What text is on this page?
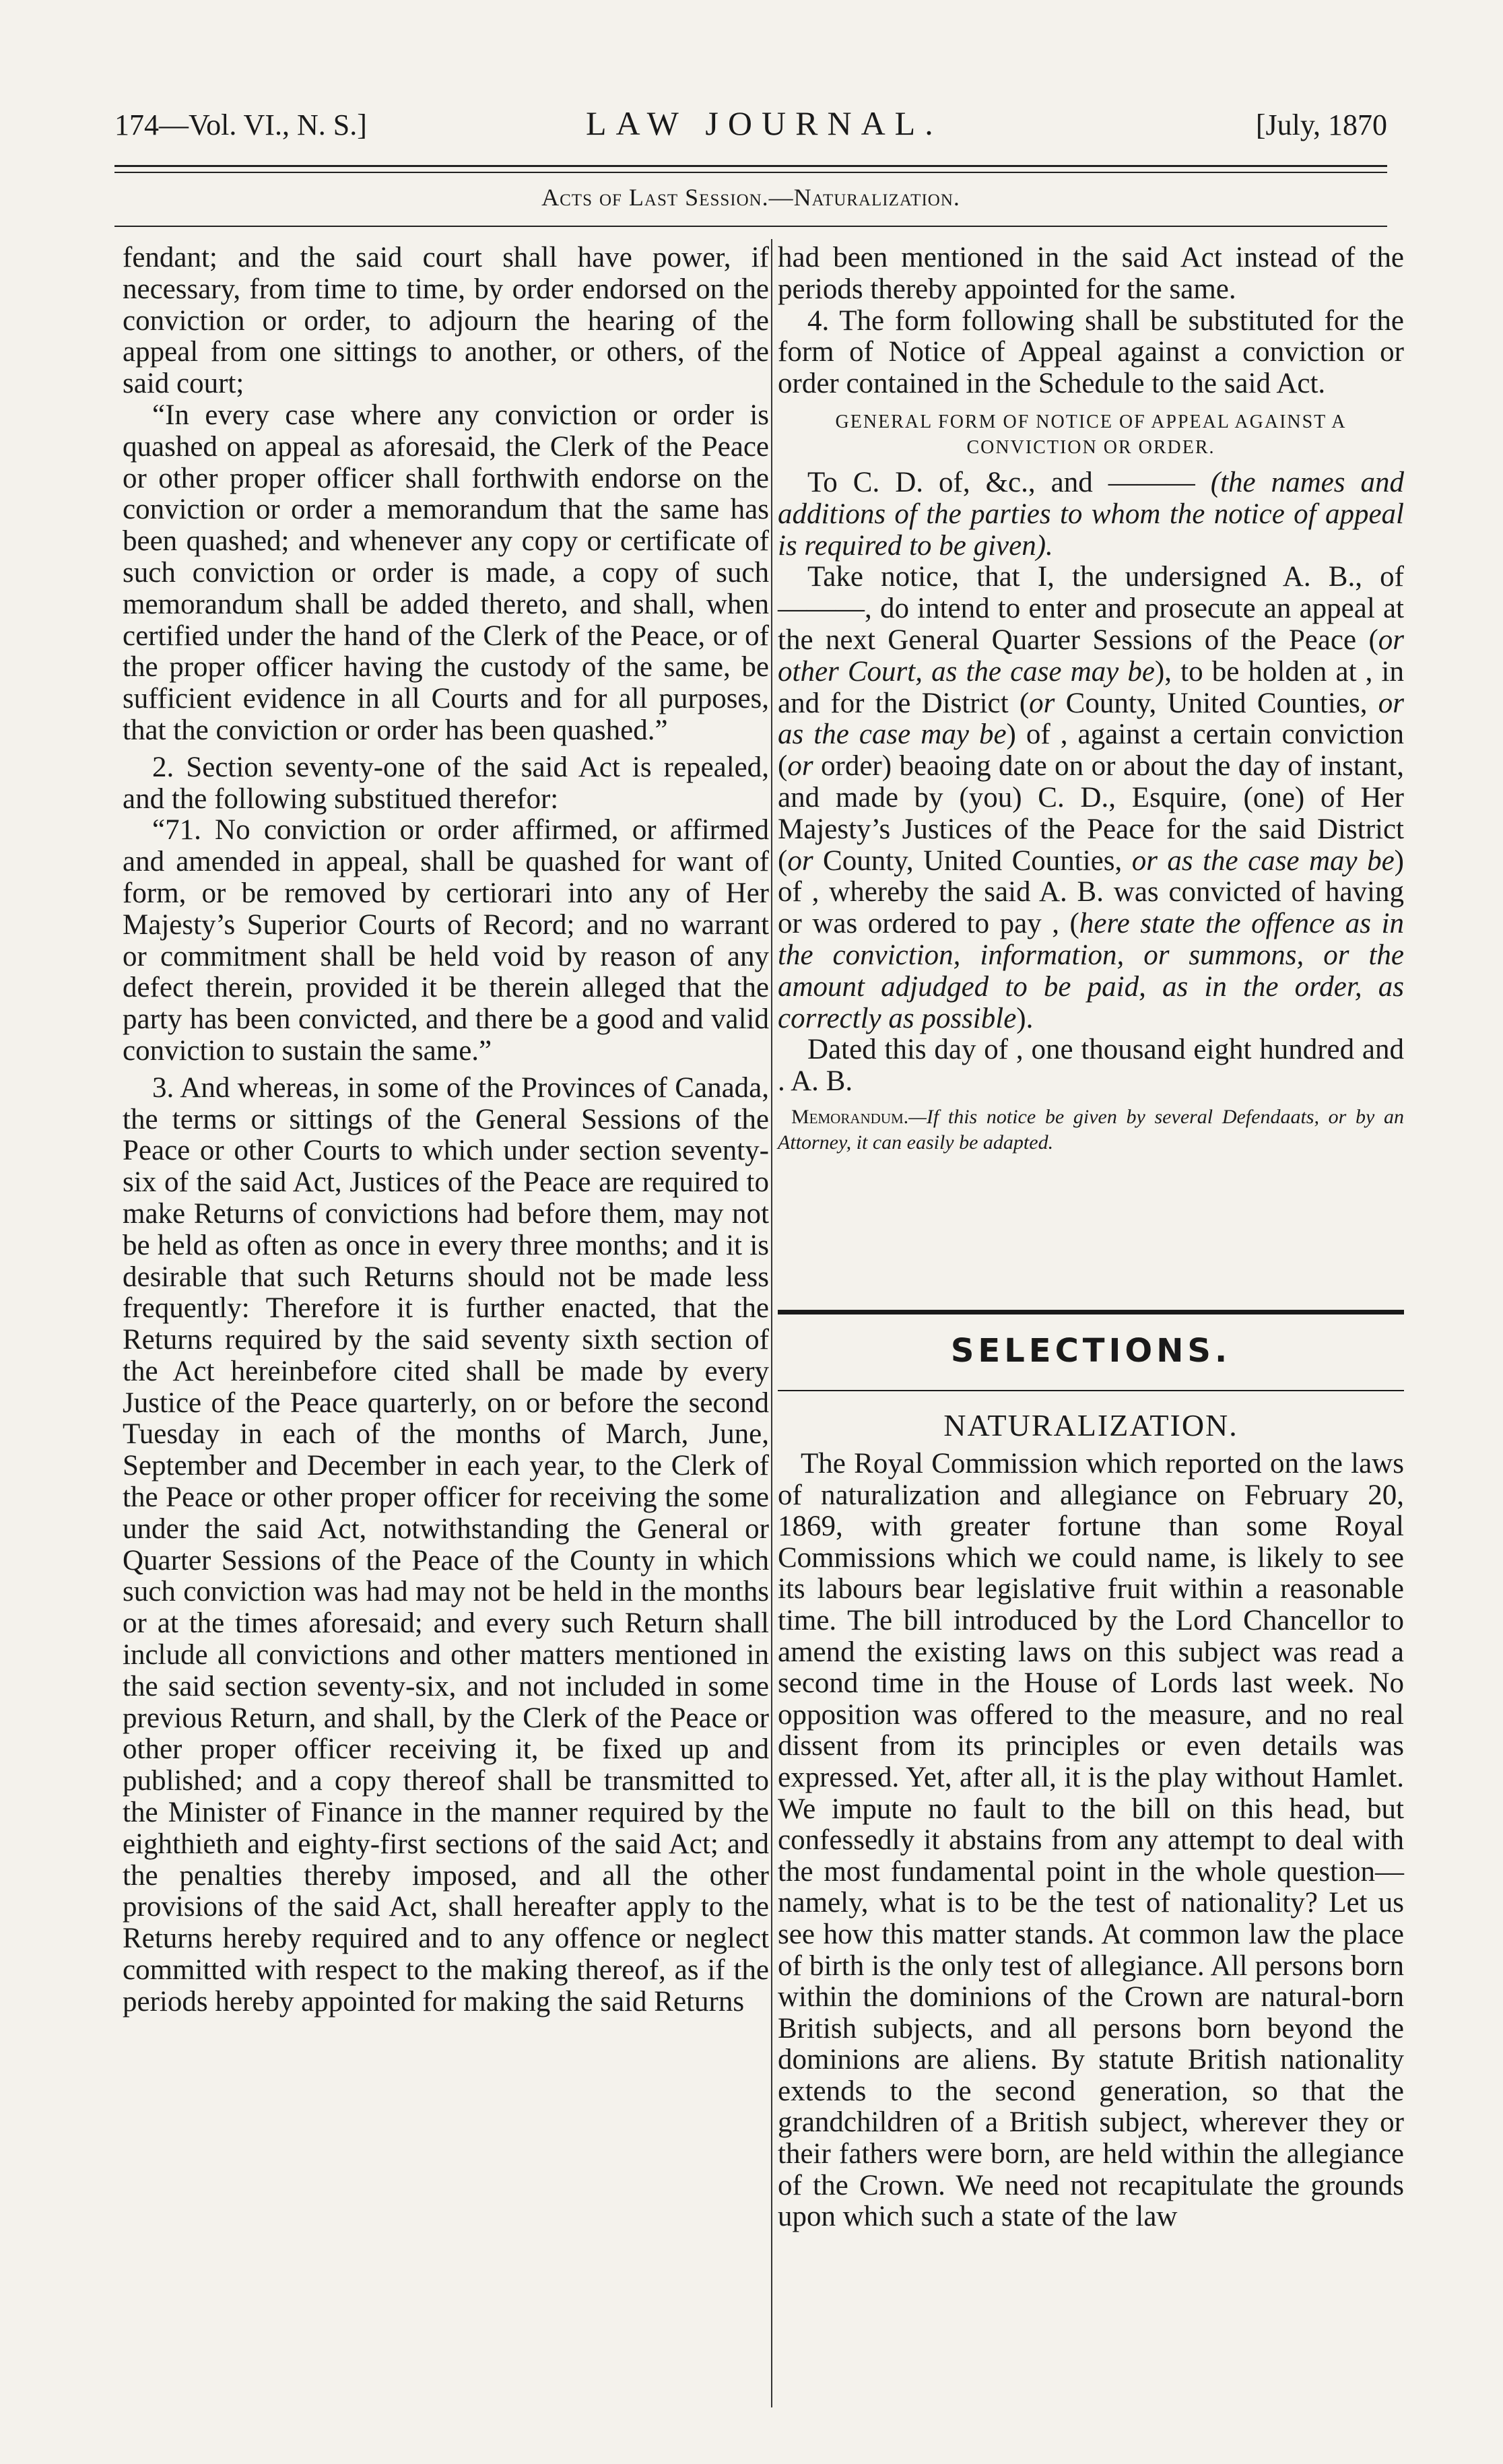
174—Vol. VI., N. S.]	LAW JOURNAL.	[July, 1870
Acts of Last Session.—Naturalization.

fendant; and the said court shall have power, if necessary, from time to time, by order endorsed on the conviction or order, to adjourn the hearing of the appeal from one sittings to another, or others, of the said court;

“In every case where any conviction or order is quashed on appeal as aforesaid, the Clerk of the Peace or other proper officer shall forthwith endorse on the conviction or order a memorandum that the same has been quashed; and whenever any copy or certificate of such conviction or order is made, a copy of such memorandum shall be added thereto, and shall, when certified under the hand of the Clerk of the Peace, or of the proper officer having the custody of the same, be sufficient evidence in all Courts and for all purposes, that the conviction or order has been quashed.”

2. Section seventy-one of the said Act is repealed, and the following substitued therefor:

“71. No conviction or order affirmed, or affirmed and amended in appeal, shall be quashed for want of form, or be removed by certiorari into any of Her Majesty’s Superior Courts of Record; and no warrant or commitment shall be held void by reason of any defect therein, provided it be therein alleged that the party has been convicted, and there be a good and valid conviction to sustain the same.”

3. And whereas, in some of the Provinces of Canada, the terms or sittings of the General Sessions of the Peace or other Courts to which under section seventy-six of the said Act, Justices of the Peace are required to make Returns of convictions had before them, may not be held as often as once in every three months; and it is desirable that such Returns should not be made less frequently: Therefore it is further enacted, that the Returns required by the said seventy sixth section of the Act hereinbefore cited shall be made by every Justice of the Peace quarterly, on or before the second Tuesday in each of the months of March, June, September and December in each year, to the Clerk of the Peace or other proper officer for receiving the some under the said Act, notwithstanding the General or Quarter Sessions of the Peace of the County in which such conviction was had may not be held in the months or at the times aforesaid; and every such Return shall include all convictions and other matters mentioned in the said section seventy-six, and not included in some previous Return, and shall, by the Clerk of the Peace or other proper officer receiving it, be fixed up and published; and a copy thereof shall be transmitted to the Minister of Finance in the manner required by the eighthieth and eighty-first sections of the said Act; and the penalties thereby imposed, and all the other provisions of the said Act, shall hereafter apply to the Returns hereby required and to any offence or neglect committed with respect to the making thereof, as if the periods hereby appointed for making the said Returns

had been mentioned in the said Act instead of the periods thereby appointed for the same.

4. The form following shall be substituted for the form of Notice of Appeal against a conviction or order contained in the Schedule to the said Act.

GENERAL FORM OF NOTICE OF APPEAL AGAINST A CONVICTION OR ORDER.

To C. D. of, &c., and ——— (the names and additions of the parties to whom the notice of appeal is required to be given).

Take notice, that I, the undersigned A. B., of ———, do intend to enter and prosecute an appeal at the next General Quarter Sessions of the Peace (or other Court, as the case may be), to be holden at , in and for the District (or County, United Counties, or as the case may be) of , against a certain conviction (or order) beaoing date on or about the day of instant, and made by (you) C. D., Esquire, (one) of Her Majesty’s Justices of the Peace for the said District (or County, United Counties, or as the case may be) of , whereby the said A. B. was convicted of having or was ordered to pay , (here state the offence as in the conviction, information, or summons, or the amount adjudged to be paid, as in the order, as correctly as possible).

Dated this day of , one thousand eight hundred and . A. B.

Memorandum.—If this notice be given by several Defendaats, or by an Attorney, it can easily be adapted.
SELECTIONS.
NATURALIZATION.

The Royal Commission which reported on the laws of naturalization and allegiance on February 20, 1869, with greater fortune than some Royal Commissions which we could name, is likely to see its labours bear legislative fruit within a reasonable time. The bill introduced by the Lord Chancellor to amend the existing laws on this subject was read a second time in the House of Lords last week. No opposition was offered to the measure, and no real dissent from its principles or even details was expressed. Yet, after all, it is the play without Hamlet. We impute no fault to the bill on this head, but confessedly it abstains from any attempt to deal with the most fundamental point in the whole question—namely, what is to be the test of nationality? Let us see how this matter stands. At common law the place of birth is the only test of allegiance. All persons born within the dominions of the Crown are natural-born British subjects, and all persons born beyond the dominions are aliens. By statute British nationality extends to the second generation, so that the grandchildren of a British subject, wherever they or their fathers were born, are held within the allegiance of the Crown. We need not recapitulate the grounds upon which such a state of the law
